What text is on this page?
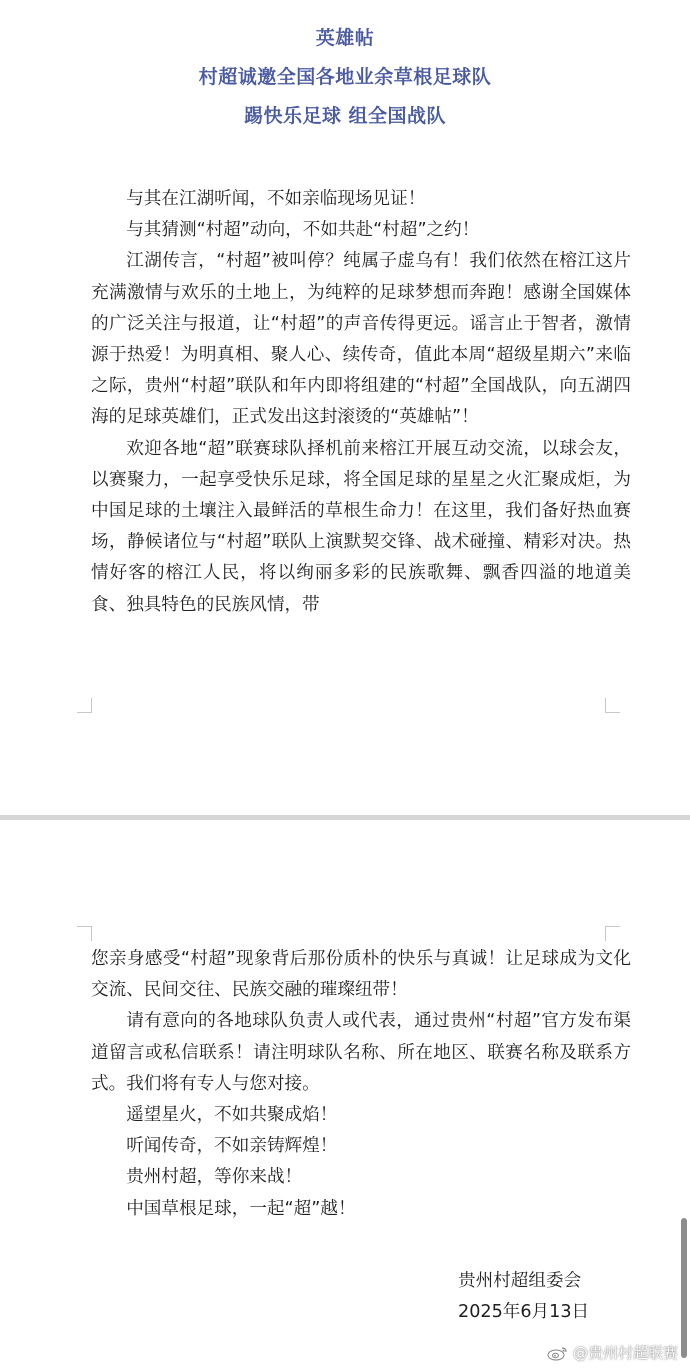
英雄帖
村超诚邀全国各地业余草根足球队
踢快乐足球 组全国战队

与其在江湖听闻，不如亲临现场见证！

与其猜测“村超”动向，不如共赴“村超”之约！

江湖传言，“村超”被叫停？纯属子虚乌有！我们依然在榕江这片充满激情与欢乐的土地上，为纯粹的足球梦想而奔跑！感谢全国媒体的广泛关注与报道，让“村超”的声音传得更远。谣言止于智者，激情源于热爱！为明真相、聚人心、续传奇，值此本周“超级星期六”来临之际，贵州“村超”联队和年内即将组建的“村超”全国战队，向五湖四海的足球英雄们，正式发出这封滚烫的“英雄帖”！

欢迎各地“超”联赛球队择机前来榕江开展互动交流，以球会友，以赛聚力，一起享受快乐足球，将全国足球的星星之火汇聚成炬，为中国足球的土壤注入最鲜活的草根生命力！在这里，我们备好热血赛场，静候诸位与“村超”联队上演默契交锋、战术碰撞、精彩对决。热情好客的榕江人民，将以绚丽多彩的民族歌舞、飘香四溢的地道美食、独具特色的民族风情，带

您亲身感受“村超”现象背后那份质朴的快乐与真诚！让足球成为文化交流、民间交往、民族交融的璀璨纽带！

请有意向的各地球队负责人或代表，通过贵州“村超”官方发布渠道留言或私信联系！请注明球队名称、所在地区、联赛名称及联系方式。我们将有专人与您对接。

遥望星火，不如共聚成焰！

听闻传奇，不如亲铸辉煌！

贵州村超，等你来战！

中国草根足球，一起“超”越！

贵州村超组委会
2025年6月13日
@贵州村超联赛
